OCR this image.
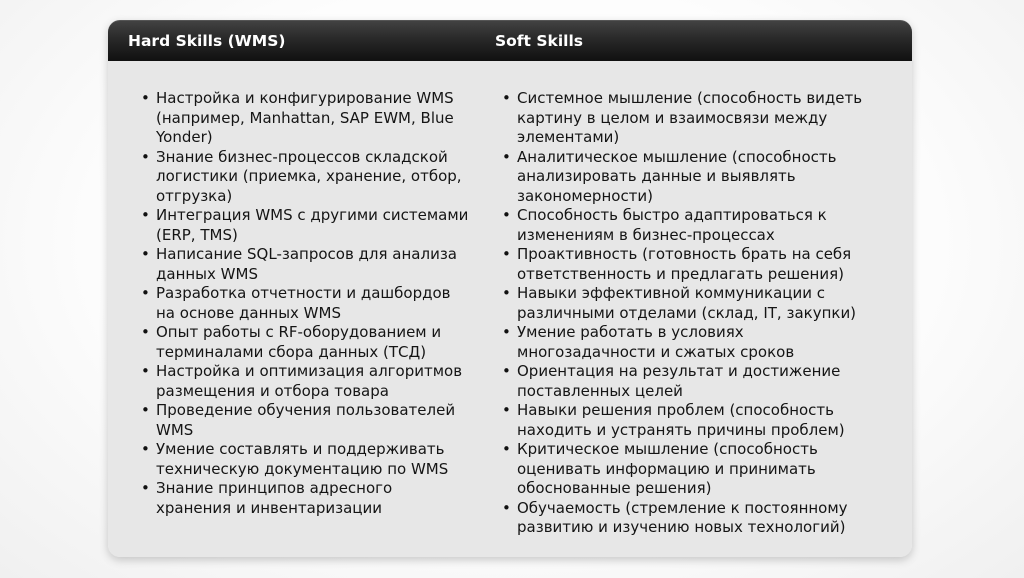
Hard Skills (WMS)	Soft Skills
• Настройка и конфигурирование WMS (например, Manhattan, SAP EWM, Blue Yonder)
• Знание бизнес-процессов складской логистики (приемка, хранение, отбор, отгрузка)
• Интеграция WMS с другими системами (ERP, TMS)
• Написание SQL-запросов для анализа данных WMS
• Разработка отчетности и дашбордов на основе данных WMS
• Опыт работы с RF-оборудованием и терминалами сбора данных (ТСД)
• Настройка и оптимизация алгоритмов размещения и отбора товара
• Проведение обучения пользователей WMS
• Умение составлять и поддерживать техническую документацию по WMS
• Знание принципов адресного хранения и инвентаризации
• Системное мышление (способность видеть картину в целом и взаимосвязи между элементами)
• Аналитическое мышление (способность анализировать данные и выявлять закономерности)
• Способность быстро адаптироваться к изменениям в бизнес-процессах
• Проактивность (готовность брать на себя ответственность и предлагать решения)
• Навыки эффективной коммуникации с различными отделами (склад, IT, закупки)
• Умение работать в условиях многозадачности и сжатых сроков
• Ориентация на результат и достижение поставленных целей
• Навыки решения проблем (способность находить и устранять причины проблем)
• Критическое мышление (способность оценивать информацию и принимать обоснованные решения)
• Обучаемость (стремление к постоянному развитию и изучению новых технологий)
